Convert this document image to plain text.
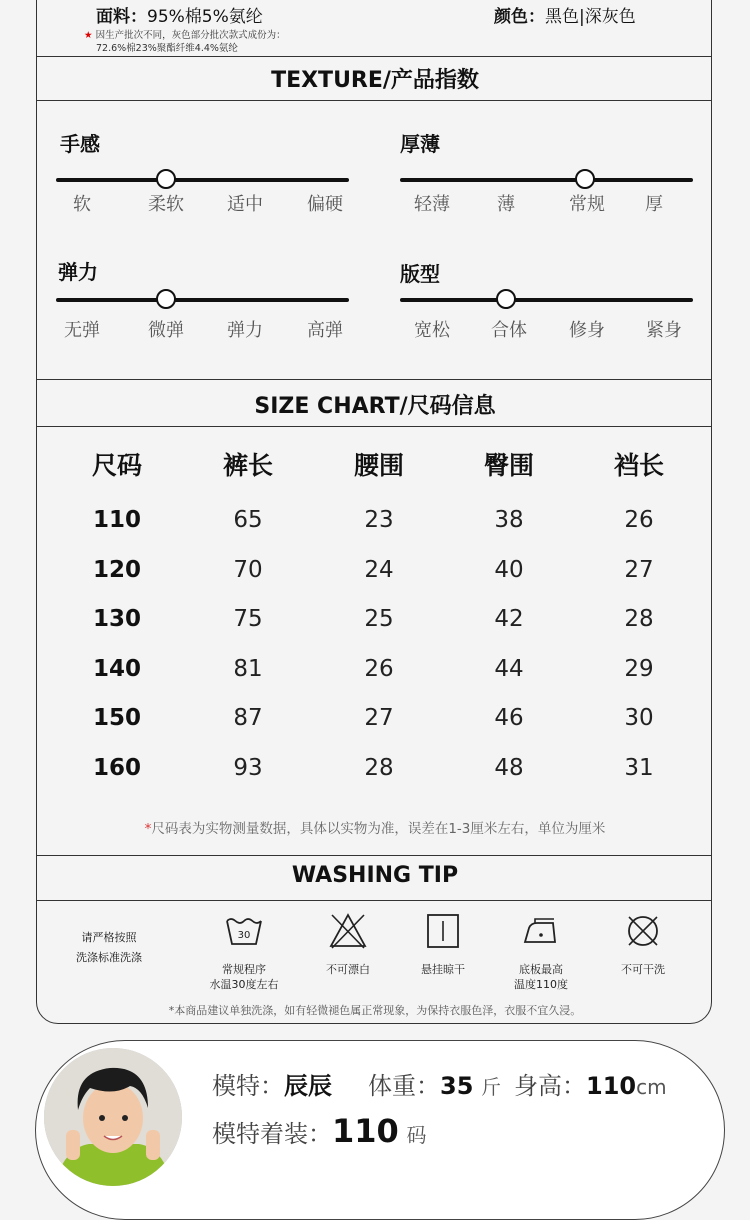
面料：95%棉5%氨纶	颜色：黑色|深灰色
★ 因生产批次不同，灰色部分批次款式成份为：
72.6%棉23%聚酯纤维4.4%氨纶
TEXTURE/产品指数
手感
软	柔软 适中 偏硬
厚薄
轻薄	薄	常规 厚
弹力
无弹	微弹 弹力 高弹
版型
宽松 合体 修身 紧身
SIZE CHART/尺码信息
尺码	裤长	腰围	臀围	裆长
110	65	23	38	26
120	70	24	40	27
130	75	25	42	28
140	81	26	44	29
150	87	27	46	30
160	93	28	48	31
*尺码表为实物测量数据，具体以实物为准，误差在1-3厘米左右，单位为厘米
WASHING TIP
请严格按照
洗涤标准洗涤
30
常规程序
水温30度左右
不可漂白	悬挂晾干	底板最高
温度110度
不可干洗
*本商品建议单独洗涤，如有轻微褪色属正常现象，为保持衣服色泽，衣服不宜久浸。
模特：辰辰 体重：35 斤 身高：110cm
模特着装：110 码
